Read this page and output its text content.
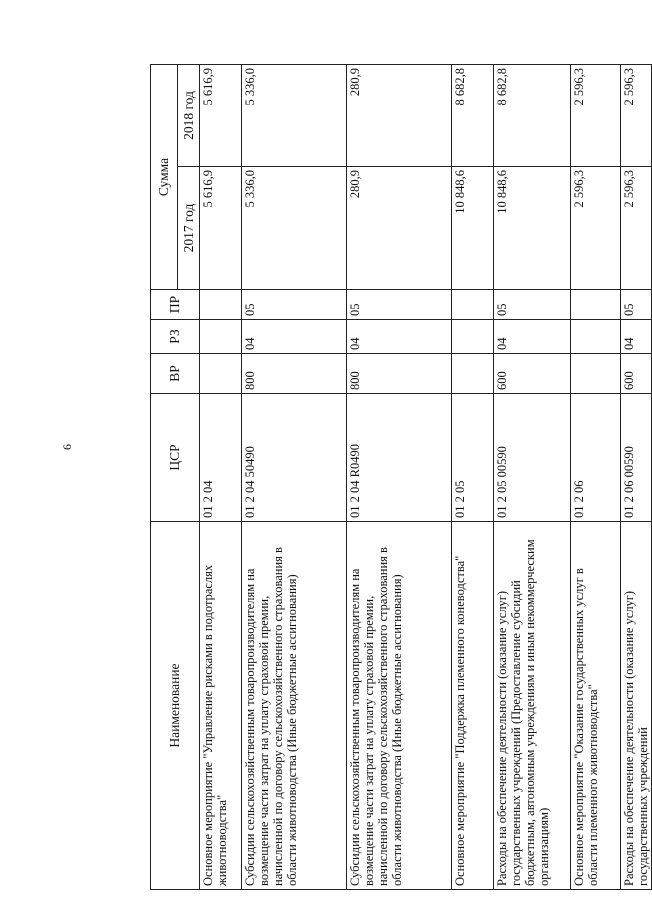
6
Наименование	ЦСР	ВР	РЗ	ПР	Сумма	
					2017 год	2018 год
Основное мероприятие "Управление рисками в подотраслях животноводства"	01 2 04				5 616,9	5 616,9
Субсидии сельскохозяйственным товаропроизводителям на возмещение части затрат на уплату страховой премии, начисленной по договору сельскохозяйственного страхования в области животноводства (Иные бюджетные ассигнования)	01 2 04 50490	800	04	05	5 336,0	5 336,0
Субсидии сельскохозяйственным товаропроизводителям на возмещение части затрат на уплату страховой премии, начисленной по договору сельскохозяйственного страхования в области животноводства (Иные бюджетные ассигнования)	01 2 04 R0490	800	04	05	280,9	280,9
Основное мероприятие "Поддержка племенного коневодства"	01 2 05				10 848,6	8 682,8
Расходы на обеспечение деятельности (оказание услуг) государственных учреждений (Предоставление субсидий бюджетным, автономным учреждениям и иным некоммерческим организациям)	01 2 05 00590	600	04	05	10 848,6	8 682,8
Основное мероприятие "Оказание государственных услуг в области племенного животноводства"	01 2 06				2 596,3	2 596,3
Расходы на обеспечение деятельности (оказание услуг) государственных учреждений	01 2 06 00590	600	04	05	2 596,3	2 596,3
